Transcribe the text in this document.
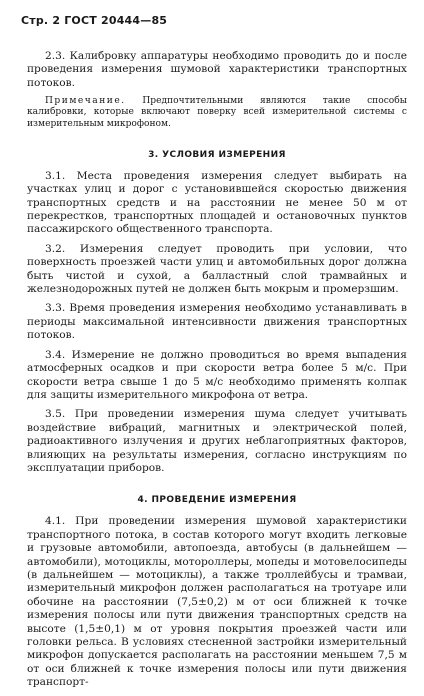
Стр. 2 ГОСТ 20444—85

2.3. Калибровку аппаратуры необходимо проводить до и после проведения измерения шумовой характеристики транспортных потоков.

Примечание. Предпочтительными являются такие способы калибровки, которые включают поверку всей измерительной системы с измерительным микрофоном.

3. УСЛОВИЯ ИЗМЕРЕНИЯ

3.1. Места проведения измерения следует выбирать на участках улиц и дорог с установившейся скоростью движения транспортных средств и на расстоянии не менее 50 м от перекрестков, транспортных площадей и остановочных пунктов пассажирского общественного транспорта.

3.2. Измерения следует проводить при условии, что поверхность проезжей части улиц и автомобильных дорог должна быть чистой и сухой, а балластный слой трамвайных и железнодорожных путей не должен быть мокрым и промерзшим.

3.3. Время проведения измерения необходимо устанавливать в периоды максимальной интенсивности движения транспортных потоков.

3.4. Измерение не должно проводиться во время выпадения атмосферных осадков и при скорости ветра более 5 м/с. При скорости ветра свыше 1 до 5 м/с необходимо применять колпак для защиты измерительного микрофона от ветра.

3.5. При проведении измерения шума следует учитывать воздействие вибраций, магнитных и электрической полей, радиоактивного излучения и других неблагоприятных факторов, влияющих на результаты измерения, согласно инструкциям по эксплуатации приборов.

4. ПРОВЕДЕНИЕ ИЗМЕРЕНИЯ

4.1. При проведении измерения шумовой характеристики транспортного потока, в состав которого могут входить легковые и грузовые автомобили, автопоезда, автобусы (в дальнейшем — автомобили), мотоциклы, мотороллеры, мопеды и мотовелосипеды (в дальнейшем — мотоциклы), а также троллейбусы и трамваи, измерительный микрофон должен располагаться на тротуаре или обочине на расстоянии (7,5±0,2) м от оси ближней к точке измерения полосы или пути движения транспортных средств на высоте (1,5±0,1) м от уровня покрытия проезжей части или головки рельса. В условиях стесненной застройки измерительный микрофон допускается располагать на расстоянии меньшем 7,5 м от оси ближней к точке измерения полосы или пути движения транспорт-
